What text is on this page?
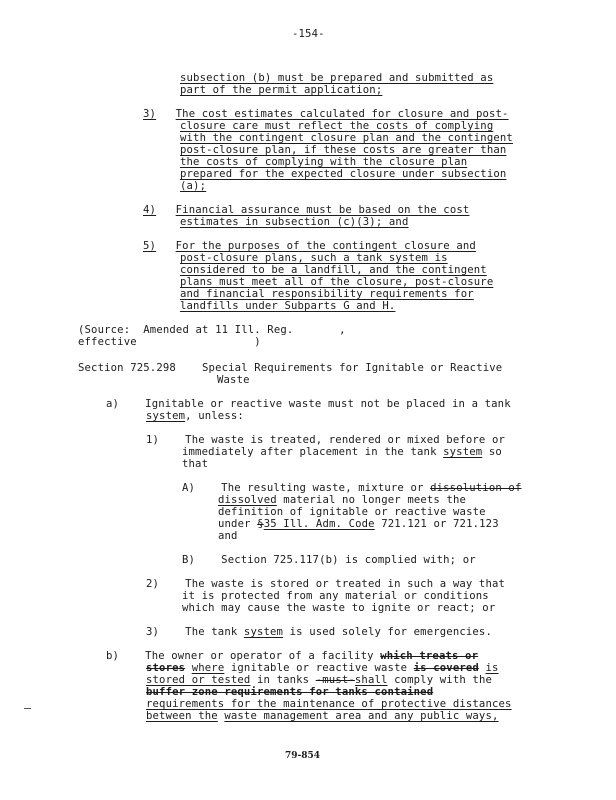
-154-
subsection (b) must be prepared and submitted as
part of the permit application;
3) The cost estimates calculated for closure and post-
closure care must reflect the costs of complying
with the contingent closure plan and the contingent
post-closure plan, if these costs are greater than
the costs of complying with the closure plan
prepared for the expected closure under subsection
(a);
4) Financial assurance must be based on the cost
estimates in subsection (c)(3); and
5) For the purposes of the contingent closure and
post-closure plans, such a tank system is
considered to be a landfill, and the contingent
plans must meet all of the closure, post-closure
and financial responsibility requirements for
landfills under Subparts G and H.
(Source:  Amended at 11 Ill. Reg.       ,
effective                  )
Section 725.298    Special Requirements for Ignitable or Reactive
Waste
a)    Ignitable or reactive waste must not be placed in a tank
system, unless:
1)    The waste is treated, rendered or mixed before or
immediately after placement in the tank system so
that
A)    The resulting waste, mixture or dissolution of
dissolved material no longer meets the
definition of ignitable or reactive waste
under §35 Ill. Adm. Code 721.121 or 721.123
and
B)    Section 725.117(b) is complied with; or
2)    The waste is stored or treated in such a way that
it is protected from any material or conditions
which may cause the waste to ignite or react; or
3)    The tank system is used solely for emergencies.
b)    The owner or operator of a facility which treats or
stores where ignitable or reactive waste is covered is
stored or tested in tanks -must-shall comply with the
buffer zone requirements for tanks contained
requirements for the maintenance of protective distances
between the waste management area and any public ways,
79-854
